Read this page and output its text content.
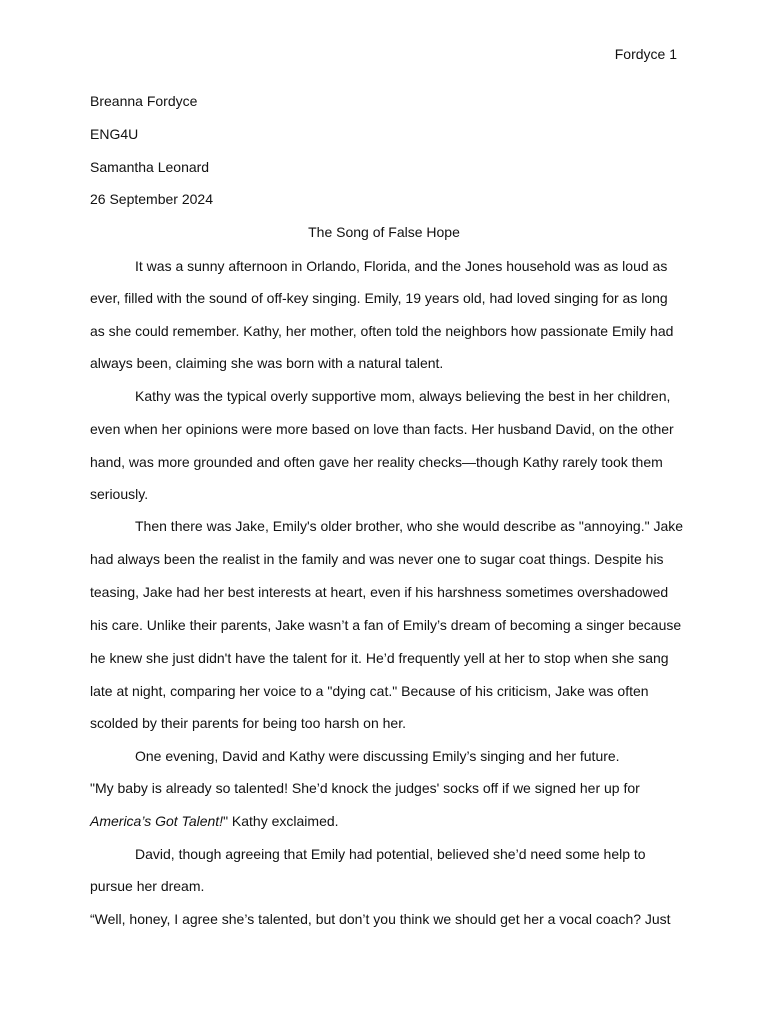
Fordyce 1
Breanna Fordyce
ENG4U
Samantha Leonard
26 September 2024
The Song of False Hope
It was a sunny afternoon in Orlando, Florida, and the Jones household was as loud as
ever, filled with the sound of off-key singing. Emily, 19 years old, had loved singing for as long
as she could remember. Kathy, her mother, often told the neighbors how passionate Emily had
always been, claiming she was born with a natural talent.
Kathy was the typical overly supportive mom, always believing the best in her children,
even when her opinions were more based on love than facts. Her husband David, on the other
hand, was more grounded and often gave her reality checks—though Kathy rarely took them
seriously.
Then there was Jake, Emily's older brother, who she would describe as "annoying." Jake
had always been the realist in the family and was never one to sugar coat things. Despite his
teasing, Jake had her best interests at heart, even if his harshness sometimes overshadowed
his care. Unlike their parents, Jake wasn’t a fan of Emily’s dream of becoming a singer because
he knew she just didn't have the talent for it. He’d frequently yell at her to stop when she sang
late at night, comparing her voice to a "dying cat." Because of his criticism, Jake was often
scolded by their parents for being too harsh on her.
One evening, David and Kathy were discussing Emily’s singing and her future.
"My baby is already so talented! She’d knock the judges' socks off if we signed her up for
America’s Got Talent!" Kathy exclaimed.
David, though agreeing that Emily had potential, believed she’d need some help to
pursue her dream.
“Well, honey, I agree she’s talented, but don’t you think we should get her a vocal coach? Just
